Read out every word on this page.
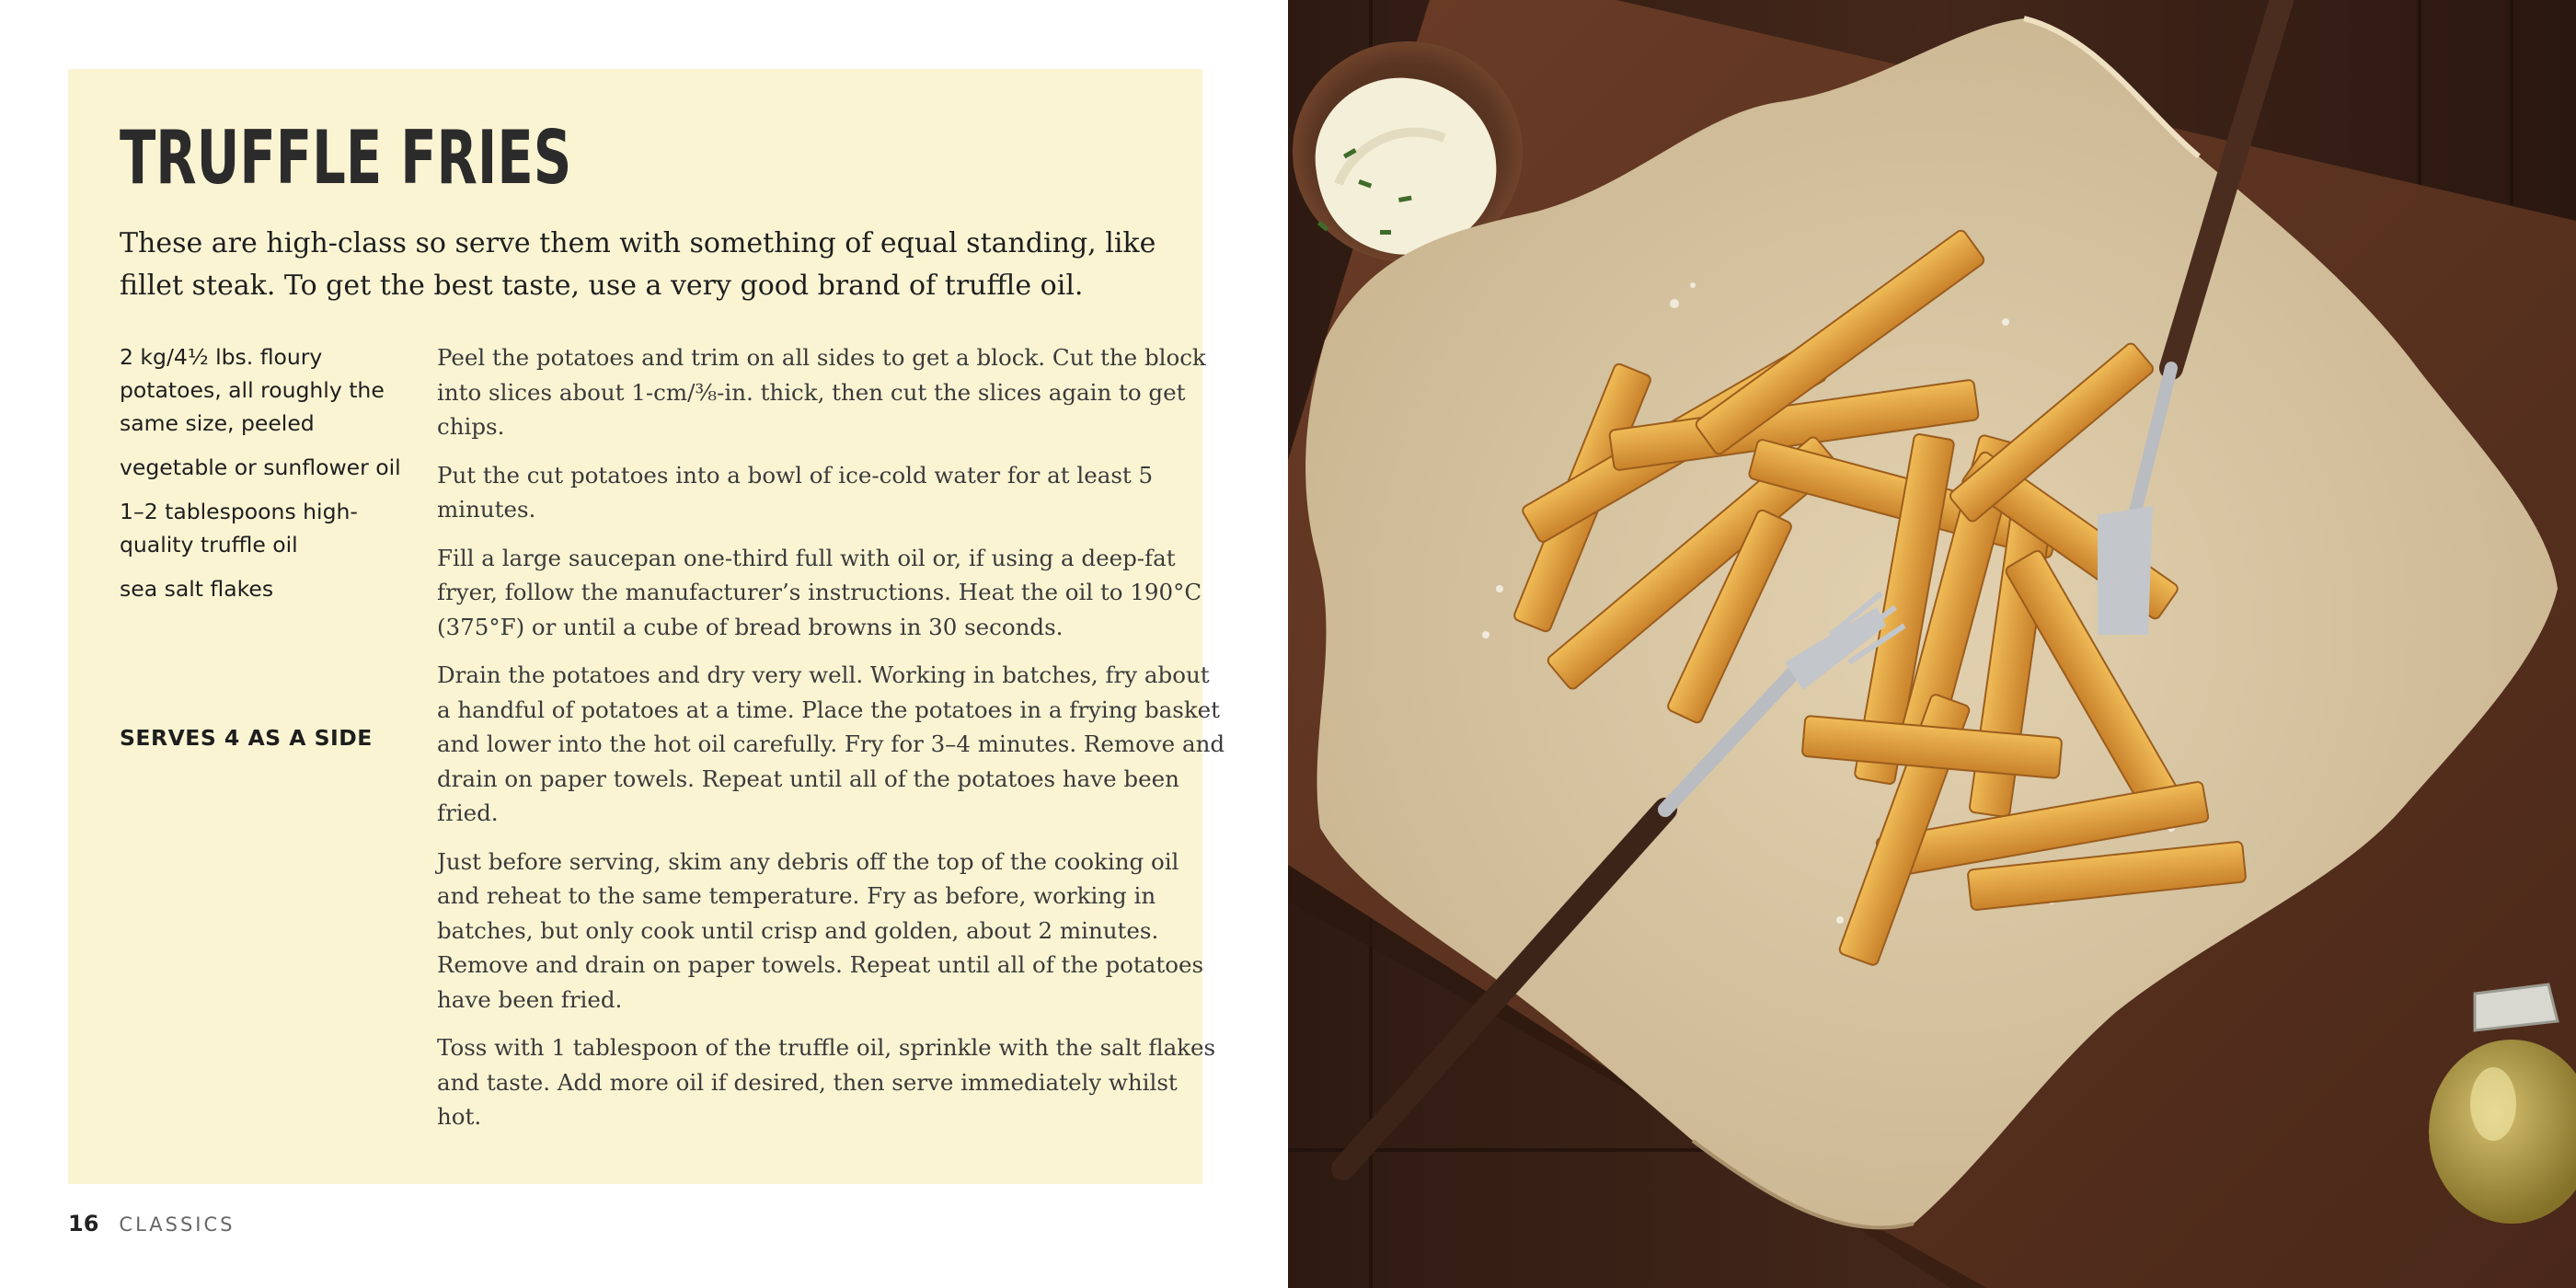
TRUFFLE FRIES

These are high-class so serve them with something of equal standing, like fillet steak. To get the best taste, use a very good brand of truffle oil.

2 kg/4½ lbs. floury potatoes, all roughly the same size, peeled
vegetable or sunflower oil
1–2 tablespoons high-quality truffle oil
sea salt flakes

SERVES 4 AS A SIDE

Peel the potatoes and trim on all sides to get a block. Cut the block into slices about 1-cm/⅜-in. thick, then cut the slices again to get chips.

Put the cut potatoes into a bowl of ice-cold water for at least 5 minutes.

Fill a large saucepan one-third full with oil or, if using a deep-fat fryer, follow the manufacturer’s instructions. Heat the oil to 190°C (375°F) or until a cube of bread browns in 30 seconds.

Drain the potatoes and dry very well. Working in batches, fry about a handful of potatoes at a time. Place the potatoes in a frying basket and lower into the hot oil carefully. Fry for 3–4 minutes. Remove and drain on paper towels. Repeat until all of the potatoes have been fried.

Just before serving, skim any debris off the top of the cooking oil and reheat to the same temperature. Fry as before, working in batches, but only cook until crisp and golden, about 2 minutes. Remove and drain on paper towels. Repeat until all of the potatoes have been fried.

Toss with 1 tablespoon of the truffle oil, sprinkle with the salt flakes and taste. Add more oil if desired, then serve immediately whilst hot.

16 CLASSICS
